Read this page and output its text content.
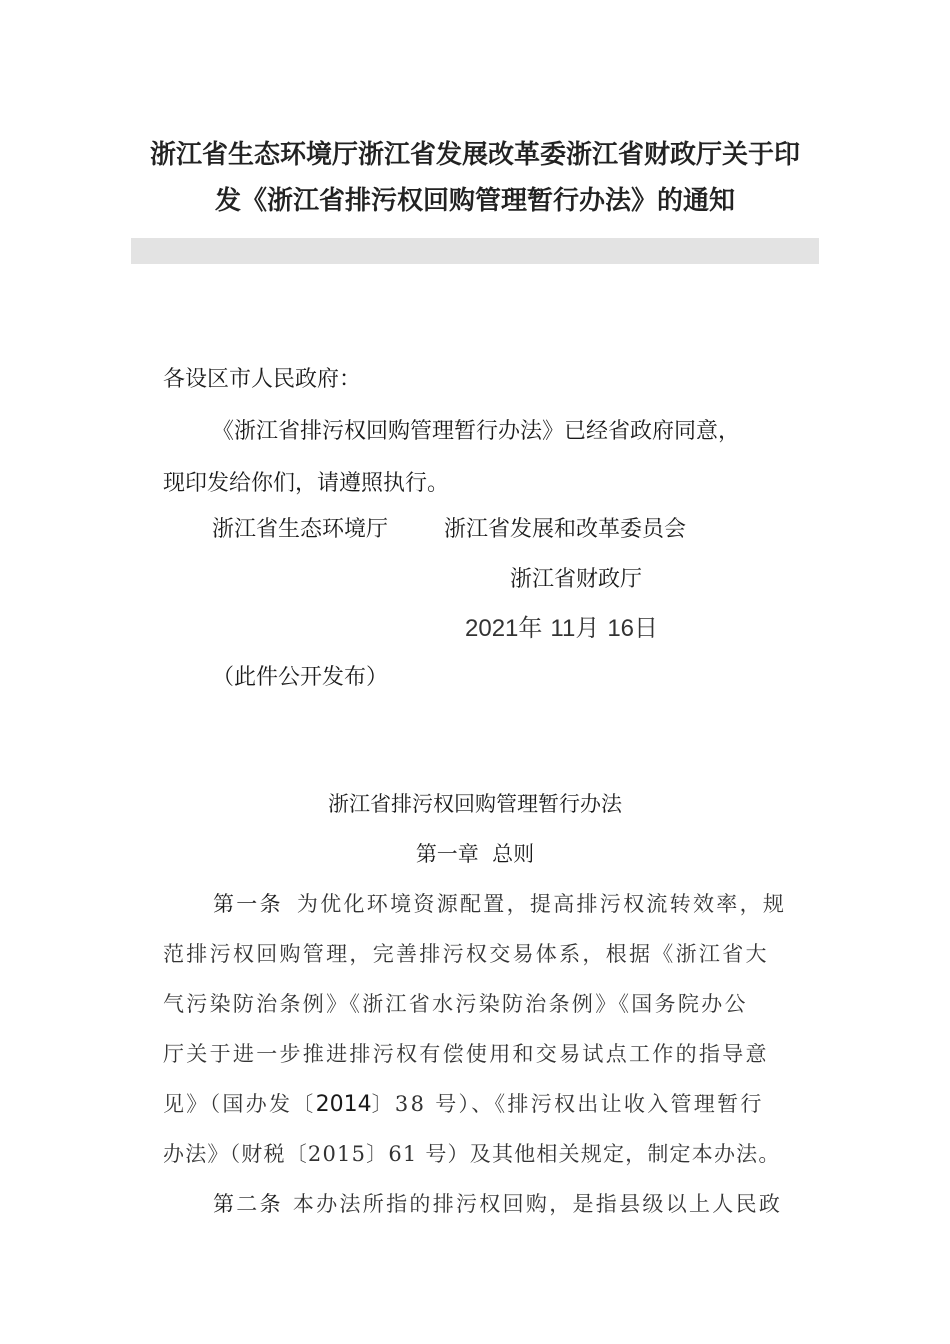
浙江省生态环境厅浙江省发展改革委浙江省财政厅关于印
发《浙江省排污权回购管理暂行办法》的通知
各设区市人民政府：
《浙江省排污权回购管理暂行办法》已经省政府同意，
现印发给你们，请遵照执行。
浙江省生态环境厅	浙江省发展和改革委员会
浙江省财政厅
2021年 11月 16日
（此件公开发布）
浙江省排污权回购管理暂行办法
第一章  总则
第一条 为优化环境资源配置，提高排污权流转效率，规
范排污权回购管理，完善排污权交易体系，根据《浙江省大
气污染防治条例》《浙江省水污染防治条例》《国务院办公
厅关于进一步推进排污权有偿使用和交易试点工作的指导意
见》（国办发〔2014〕38 号）、《排污权出让收入管理暂行
办法》（财税〔2015〕61 号）及其他相关规定，制定本办法。
第二条 本办法所指的排污权回购，是指县级以上人民政
